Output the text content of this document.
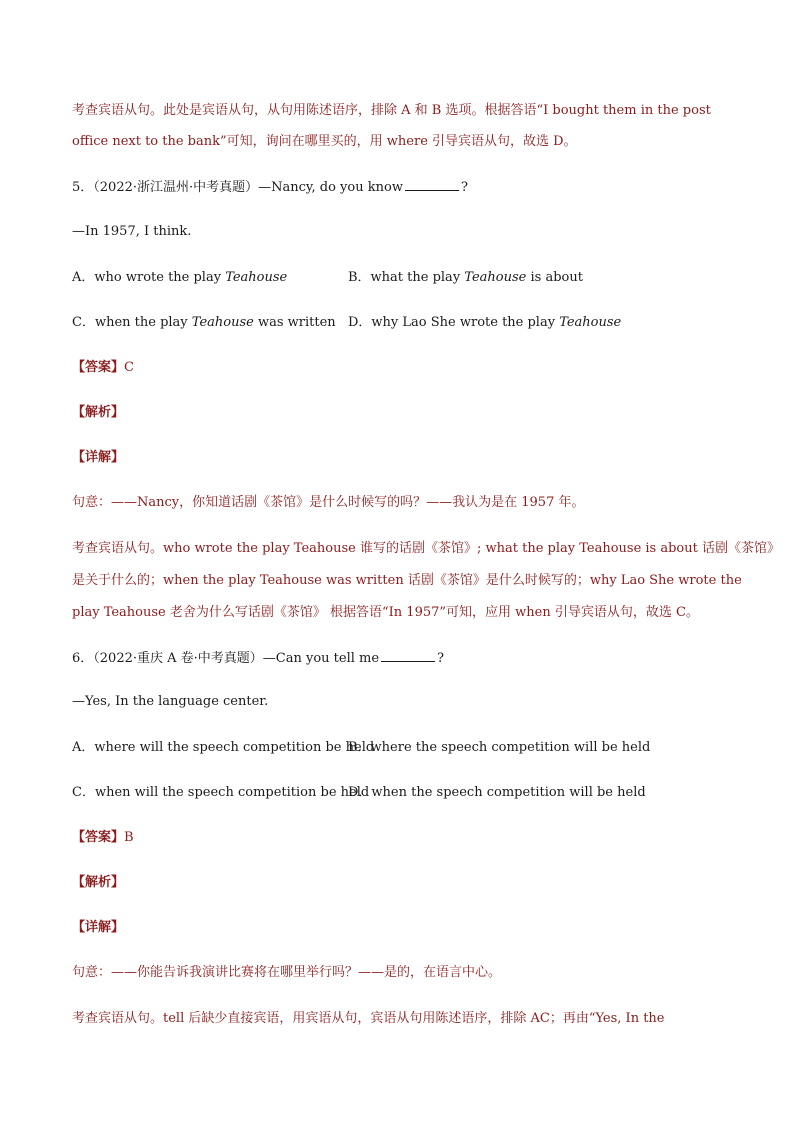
考查宾语从句。此处是宾语从句，从句用陈述语序，排除 A 和 B 选项。根据答语“I bought them in the post
office next to the bank”可知，询问在哪里买的，用 where 引导宾语从句，故选 D。
5．（2022·浙江温州·中考真题）—Nancy, do you know	?
—In 1957, I think.
A．who wrote the play Teahouse	B．what the play Teahouse is about
C．when the play Teahouse was written D．why Lao She wrote the play Teahouse
【答案】C
【解析】
【详解】
句意：——Nancy，你知道话剧《茶馆》是什么时候写的吗？——我认为是在 1957 年。
考查宾语从句。who wrote the play Teahouse 谁写的话剧《茶馆》; what the play Teahouse is about 话剧《茶馆》
是关于什么的；when the play Teahouse was written 话剧《茶馆》是什么时候写的；why Lao She wrote the
play Teahouse 老舍为什么写话剧《茶馆》 根据答语“In 1957”可知，应用 when 引导宾语从句，故选 C。
6．（2022·重庆 A 卷·中考真题）—Can you tell me	?
—Yes, In the language center.
A．where will the speech competition be held
B．where the speech competition will be held
C．when will the speech competition be held
D．when the speech competition will be held
【答案】B
【解析】
【详解】
句意：——你能告诉我演讲比赛将在哪里举行吗？——是的，在语言中心。
考查宾语从句。tell 后缺少直接宾语，用宾语从句，宾语从句用陈述语序，排除 AC；再由“Yes, In the
